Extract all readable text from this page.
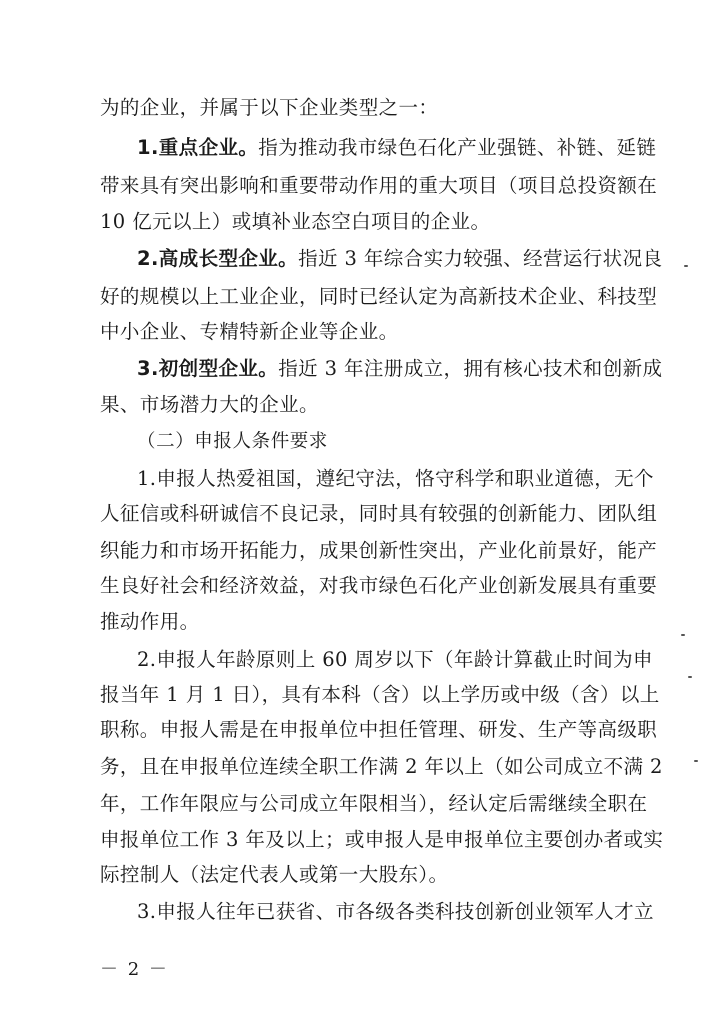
为的企业，并属于以下企业类型之一：
1.重点企业。指为推动我市绿色石化产业强链、补链、延链
带来具有突出影响和重要带动作用的重大项目（项目总投资额在
10 亿元以上）或填补业态空白项目的企业。
2.高成长型企业。指近 3 年综合实力较强、经营运行状况良
好的规模以上工业企业，同时已经认定为高新技术企业、科技型
中小企业、专精特新企业等企业。
3.初创型企业。指近 3 年注册成立，拥有核心技术和创新成
果、市场潜力大的企业。
（二）申报人条件要求
1.申报人热爱祖国，遵纪守法，恪守科学和职业道德，无个
人征信或科研诚信不良记录，同时具有较强的创新能力、团队组
织能力和市场开拓能力，成果创新性突出，产业化前景好，能产
生良好社会和经济效益，对我市绿色石化产业创新发展具有重要
推动作用。
2.申报人年龄原则上 60 周岁以下（年龄计算截止时间为申
报当年 1 月 1 日），具有本科（含）以上学历或中级（含）以上
职称。申报人需是在申报单位中担任管理、研发、生产等高级职
务，且在申报单位连续全职工作满 2 年以上（如公司成立不满 2
年，工作年限应与公司成立年限相当），经认定后需继续全职在
申报单位工作 3 年及以上；或申报人是申报单位主要创办者或实
际控制人（法定代表人或第一大股东）。
3.申报人往年已获省、市各级各类科技创新创业领军人才立
－ 2 －
